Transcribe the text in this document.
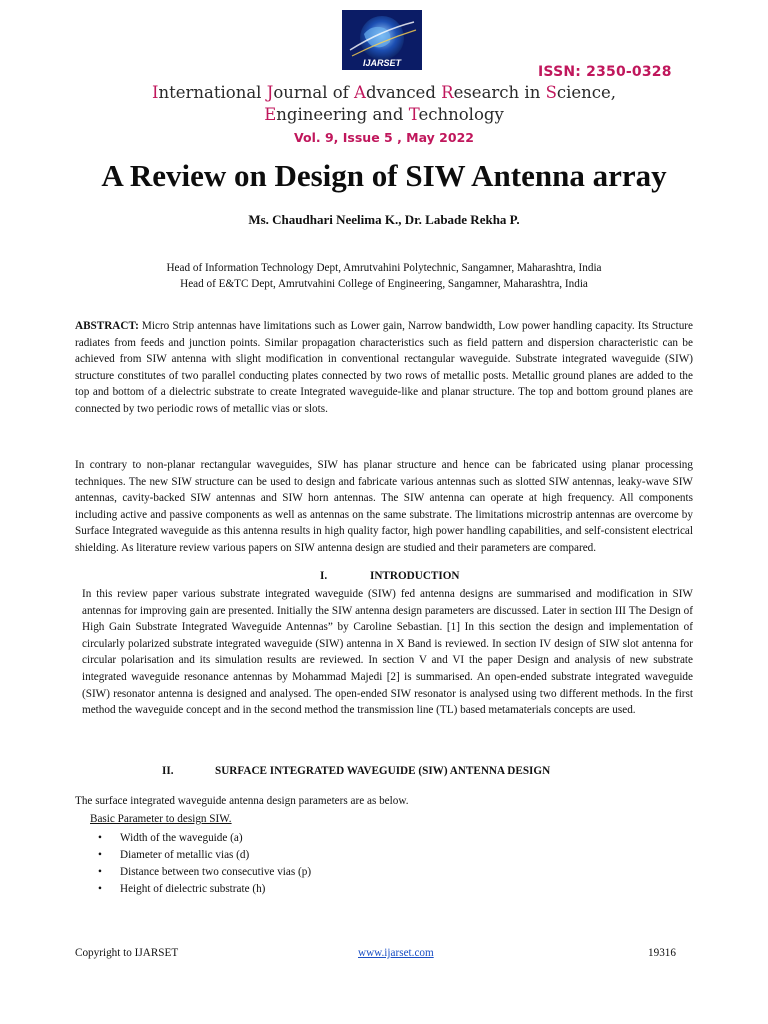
IJARSET
ISSN: 2350-0328
International Journal of Advanced Research in Science,
Engineering and Technology
Vol. 9, Issue 5 , May 2022
A Review on Design of SIW Antenna array
Ms. Chaudhari Neelima K., Dr. Labade Rekha P.
Head of Information Technology Dept, Amrutvahini Polytechnic, Sangamner, Maharashtra, India
Head of E&TC Dept, Amrutvahini College of Engineering, Sangamner, Maharashtra, India
ABSTRACT: Micro Strip antennas have limitations such as Lower gain, Narrow bandwidth, Low power handling capacity. Its Structure radiates from feeds and junction points. Similar propagation characteristics such as field pattern and dispersion characteristic can be achieved from SIW antenna with slight modification in conventional rectangular waveguide. Substrate integrated waveguide (SIW) structure constitutes of two parallel conducting plates connected by two rows of metallic posts. Metallic ground planes are added to the top and bottom of a dielectric substrate to create Integrated waveguide-like and planar structure. The top and bottom ground planes are connected by two periodic rows of metallic vias or slots.
In contrary to non-planar rectangular waveguides, SIW has planar structure and hence can be fabricated using planar processing techniques. The new SIW structure can be used to design and fabricate various antennas such as slotted SIW antennas, leaky-wave SIW antennas, cavity-backed SIW antennas and SIW horn antennas. The SIW antenna can operate at high frequency. All components including active and passive components as well as antennas on the same substrate. The limitations microstrip antennas are overcome by Surface Integrated waveguide as this antenna results in high quality factor, high power handling capabilities, and self-consistent electrical shielding. As literature review various papers on SIW antenna design are studied and their parameters are compared.
I.	INTRODUCTION
In this review paper various substrate integrated waveguide (SIW) fed antenna designs are summarised and modification in SIW antennas for improving gain are presented. Initially the SIW antenna design parameters are discussed. Later in section III The Design of High Gain Substrate Integrated Waveguide Antennas” by Caroline Sebastian. [1] In this section the design and implementation of circularly polarized substrate integrated waveguide (SIW) antenna in X Band is reviewed. In section IV design of SIW slot antenna for circular polarisation and its simulation results are reviewed. In section V and VI the paper Design and analysis of new substrate integrated waveguide resonance antennas by Mohammad Majedi [2] is summarised. An open-ended substrate integrated waveguide (SIW) resonator antenna is designed and analysed. The open-ended SIW resonator is analysed using two different methods. In the first method the waveguide concept and in the second method the transmission line (TL) based metamaterials concepts are used.
II.	SURFACE INTEGRATED WAVEGUIDE (SIW) ANTENNA DESIGN
The surface integrated waveguide antenna design parameters are as below.
Basic Parameter to design SIW.
• Width of the waveguide (a)
• Diameter of metallic vias (d)
• Distance between two consecutive vias (p)
• Height of dielectric substrate (h)
Copyright to IJARSET	www.ijarset.com	19316
